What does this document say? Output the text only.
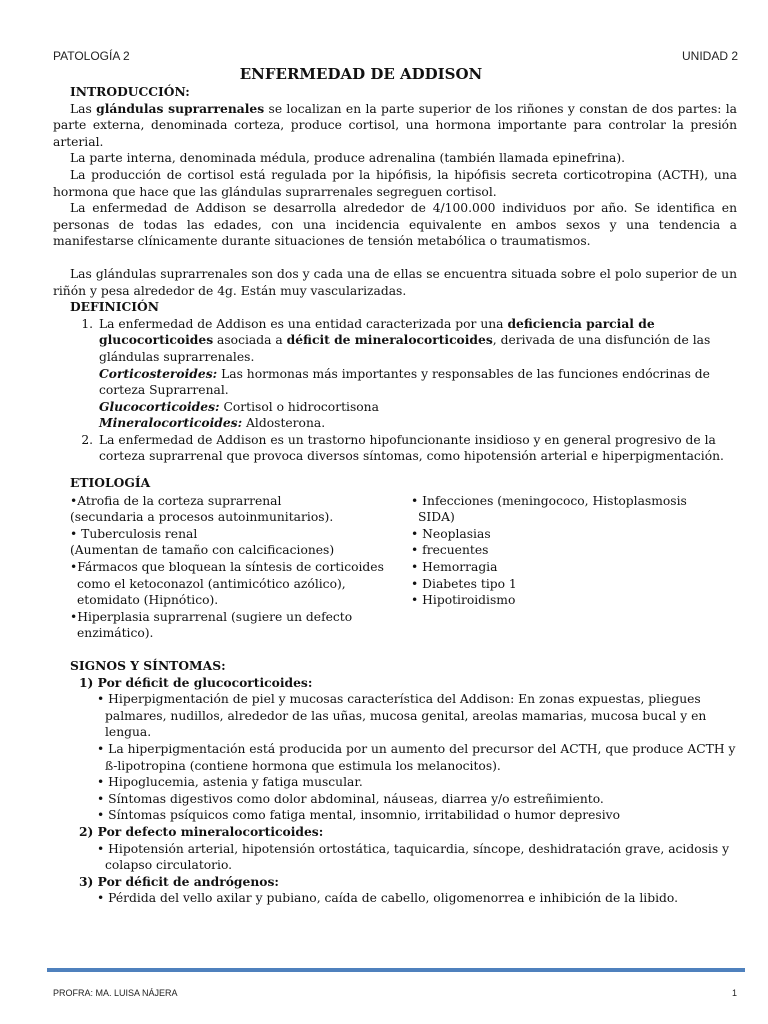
PATOLOGÍA 2	UNIDAD 2
ENFERMEDAD DE ADDISON
INTRODUCCIÓN:

Las glándulas suprarrenales se localizan en la parte superior de los riñones y constan de dos partes: la parte externa, denominada corteza, produce cortisol, una hormona importante para controlar la presión arterial.

La parte interna, denominada médula, produce adrenalina (también llamada epinefrina).

La producción de cortisol está regulada por la hipófisis, la hipófisis secreta corticotropina (ACTH), una hormona que hace que las glándulas suprarrenales segreguen cortisol.

La enfermedad de Addison se desarrolla alrededor de 4/100.000 individuos por año. Se identifica en personas de todas las edades, con una incidencia equivalente en ambos sexos y una tendencia a manifestarse clínicamente durante situaciones de tensión metabólica o traumatismos.

Las glándulas suprarrenales son dos y cada una de ellas se encuentra situada sobre el polo superior de un riñón y pesa alrededor de 4g. Están muy vascularizadas.

DEFINICIÓN
1. La enfermedad de Addison es una entidad caracterizada por una deficiencia parcial de glucocorticoides asociada a déficit de mineralocorticoides, derivada de una disfunción de las glándulas suprarrenales.
Corticosteroides: Las hormonas más importantes y responsables de las funciones endócrinas de corteza Suprarrenal.
Glucocorticoides: Cortisol o hidrocortisona
Mineralocorticoides: Aldosterona.
2. La enfermedad de Addison es un trastorno hipofuncionante insidioso y en general progresivo de la corteza suprarrenal que provoca diversos síntomas, como hipotensión arterial e hiperpigmentación.
ETIOLOGÍA
•Atrofia de la corteza suprarrenal
(secundaria a procesos autoinmunitarios).
• Tuberculosis renal
(Aumentan de tamaño con calcificaciones)
•Fármacos que bloquean la síntesis de corticoides
como el ketoconazol (antimicótico azólico), etomidato (Hipnótico).
•Hiperplasia suprarrenal (sugiere un defecto
enzimático).
• Infecciones (meningococo, Histoplasmosis
SIDA)
• Neoplasias
• frecuentes
• Hemorragia
• Diabetes tipo 1
• Hipotiroidismo
SIGNOS Y SÍNTOMAS:
1) Por déficit de glucocorticoides:
• Hiperpigmentación de piel y mucosas característica del Addison: En zonas expuestas, pliegues palmares, nudillos, alrededor de las uñas, mucosa genital, areolas mamarias, mucosa bucal y en lengua.
• La hiperpigmentación está producida por un aumento del precursor del ACTH, que produce ACTH y ß-lipotropina (contiene hormona que estimula los melanocitos).
• Hipoglucemia, astenia y fatiga muscular.
• Síntomas digestivos como dolor abdominal, náuseas, diarrea y/o estreñimiento.
• Síntomas psíquicos como fatiga mental, insomnio, irritabilidad o humor depresivo
2) Por defecto mineralocorticoides:
• Hipotensión arterial, hipotensión ortostática, taquicardia, síncope, deshidratación grave, acidosis y colapso circulatorio.
3) Por déficit de andrógenos:
• Pérdida del vello axilar y pubiano, caída de cabello, oligomenorrea e inhibición de la libido.
PROFRA: MA. LUISA NÁJERA	1
